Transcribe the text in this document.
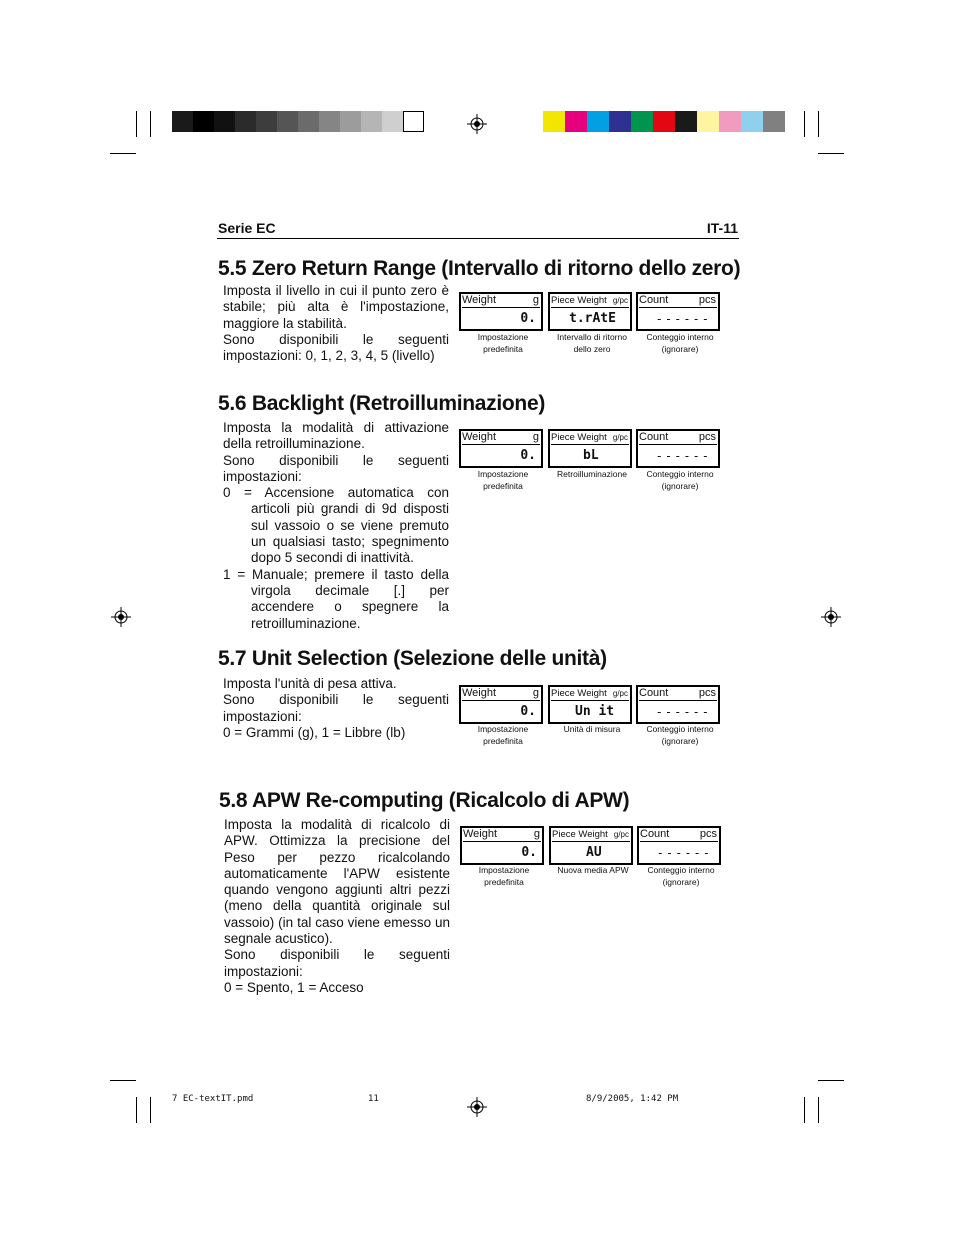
Serie EC	IT-11
5.5 Zero Return Range (Intervallo di ritorno dello zero)

Imposta il livello in cui il punto zero è stabile; più alta è l'impostazione, maggiore la stabilità.

Sono disponibili le seguenti impostazioni: 0, 1, 2, 3, 4, 5 (livello)

Weight	g
0.
Impostazione predefinita
Piece Weight g/pc
t.rAtE
Intervallo di ritorno dello zero
Count	pcs
------
Conteggio interno (ignorare)
5.6 Backlight (Retroilluminazione)

Imposta la modalità di attivazione della retroilluminazione.

Sono disponibili le seguenti impostazioni:

0 = Accensione automatica con articoli più grandi di 9d disposti sul vassoio o se viene premuto un qualsiasi tasto; spegnimento dopo 5 secondi di inattività.

1 = Manuale; premere il tasto della virgola decimale [.] per accendere o spegnere la retroilluminazione.

Weight	g
0.
Impostazione predefinita
Piece Weight g/pc
bL
Retroilluminazione
Count	pcs
------
Conteggio interno (ignorare)
5.7 Unit Selection (Selezione delle unità)

Imposta l'unità di pesa attiva.

Sono disponibili le seguenti impostazioni:

0 = Grammi (g), 1 = Libbre (lb)

Weight	g
0.
Impostazione predefinita
Piece Weight g/pc
Un it
Unità di misura
Count	pcs
------
Conteggio interno (ignorare)
5.8 APW Re-computing (Ricalcolo di APW)

Imposta la modalità di ricalcolo di APW. Ottimizza la precisione del Peso per pezzo ricalcolando automaticamente l'APW esistente quando vengono aggiunti altri pezzi (meno della quantità originale sul vassoio) (in tal caso viene emesso un segnale acustico).

Sono disponibili le seguenti impostazioni:

0 = Spento, 1 = Acceso

Weight	g
0.
Impostazione predefinita
Piece Weight g/pc
AU
Nuova media APW
Count	pcs
------
Conteggio interno (ignorare)
7 EC-textIT.pmd	11	8/9/2005, 1:42 PM
